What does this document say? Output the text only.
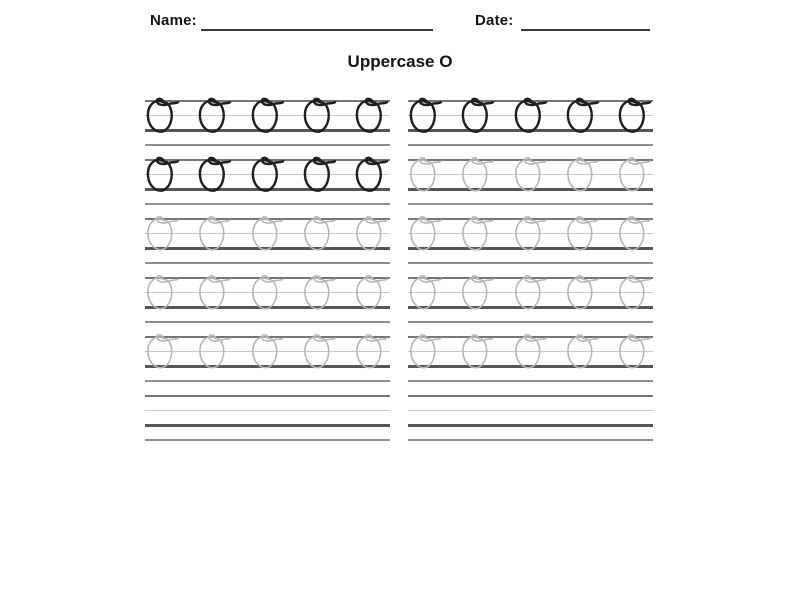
Name:	Date:
Uppercase O
